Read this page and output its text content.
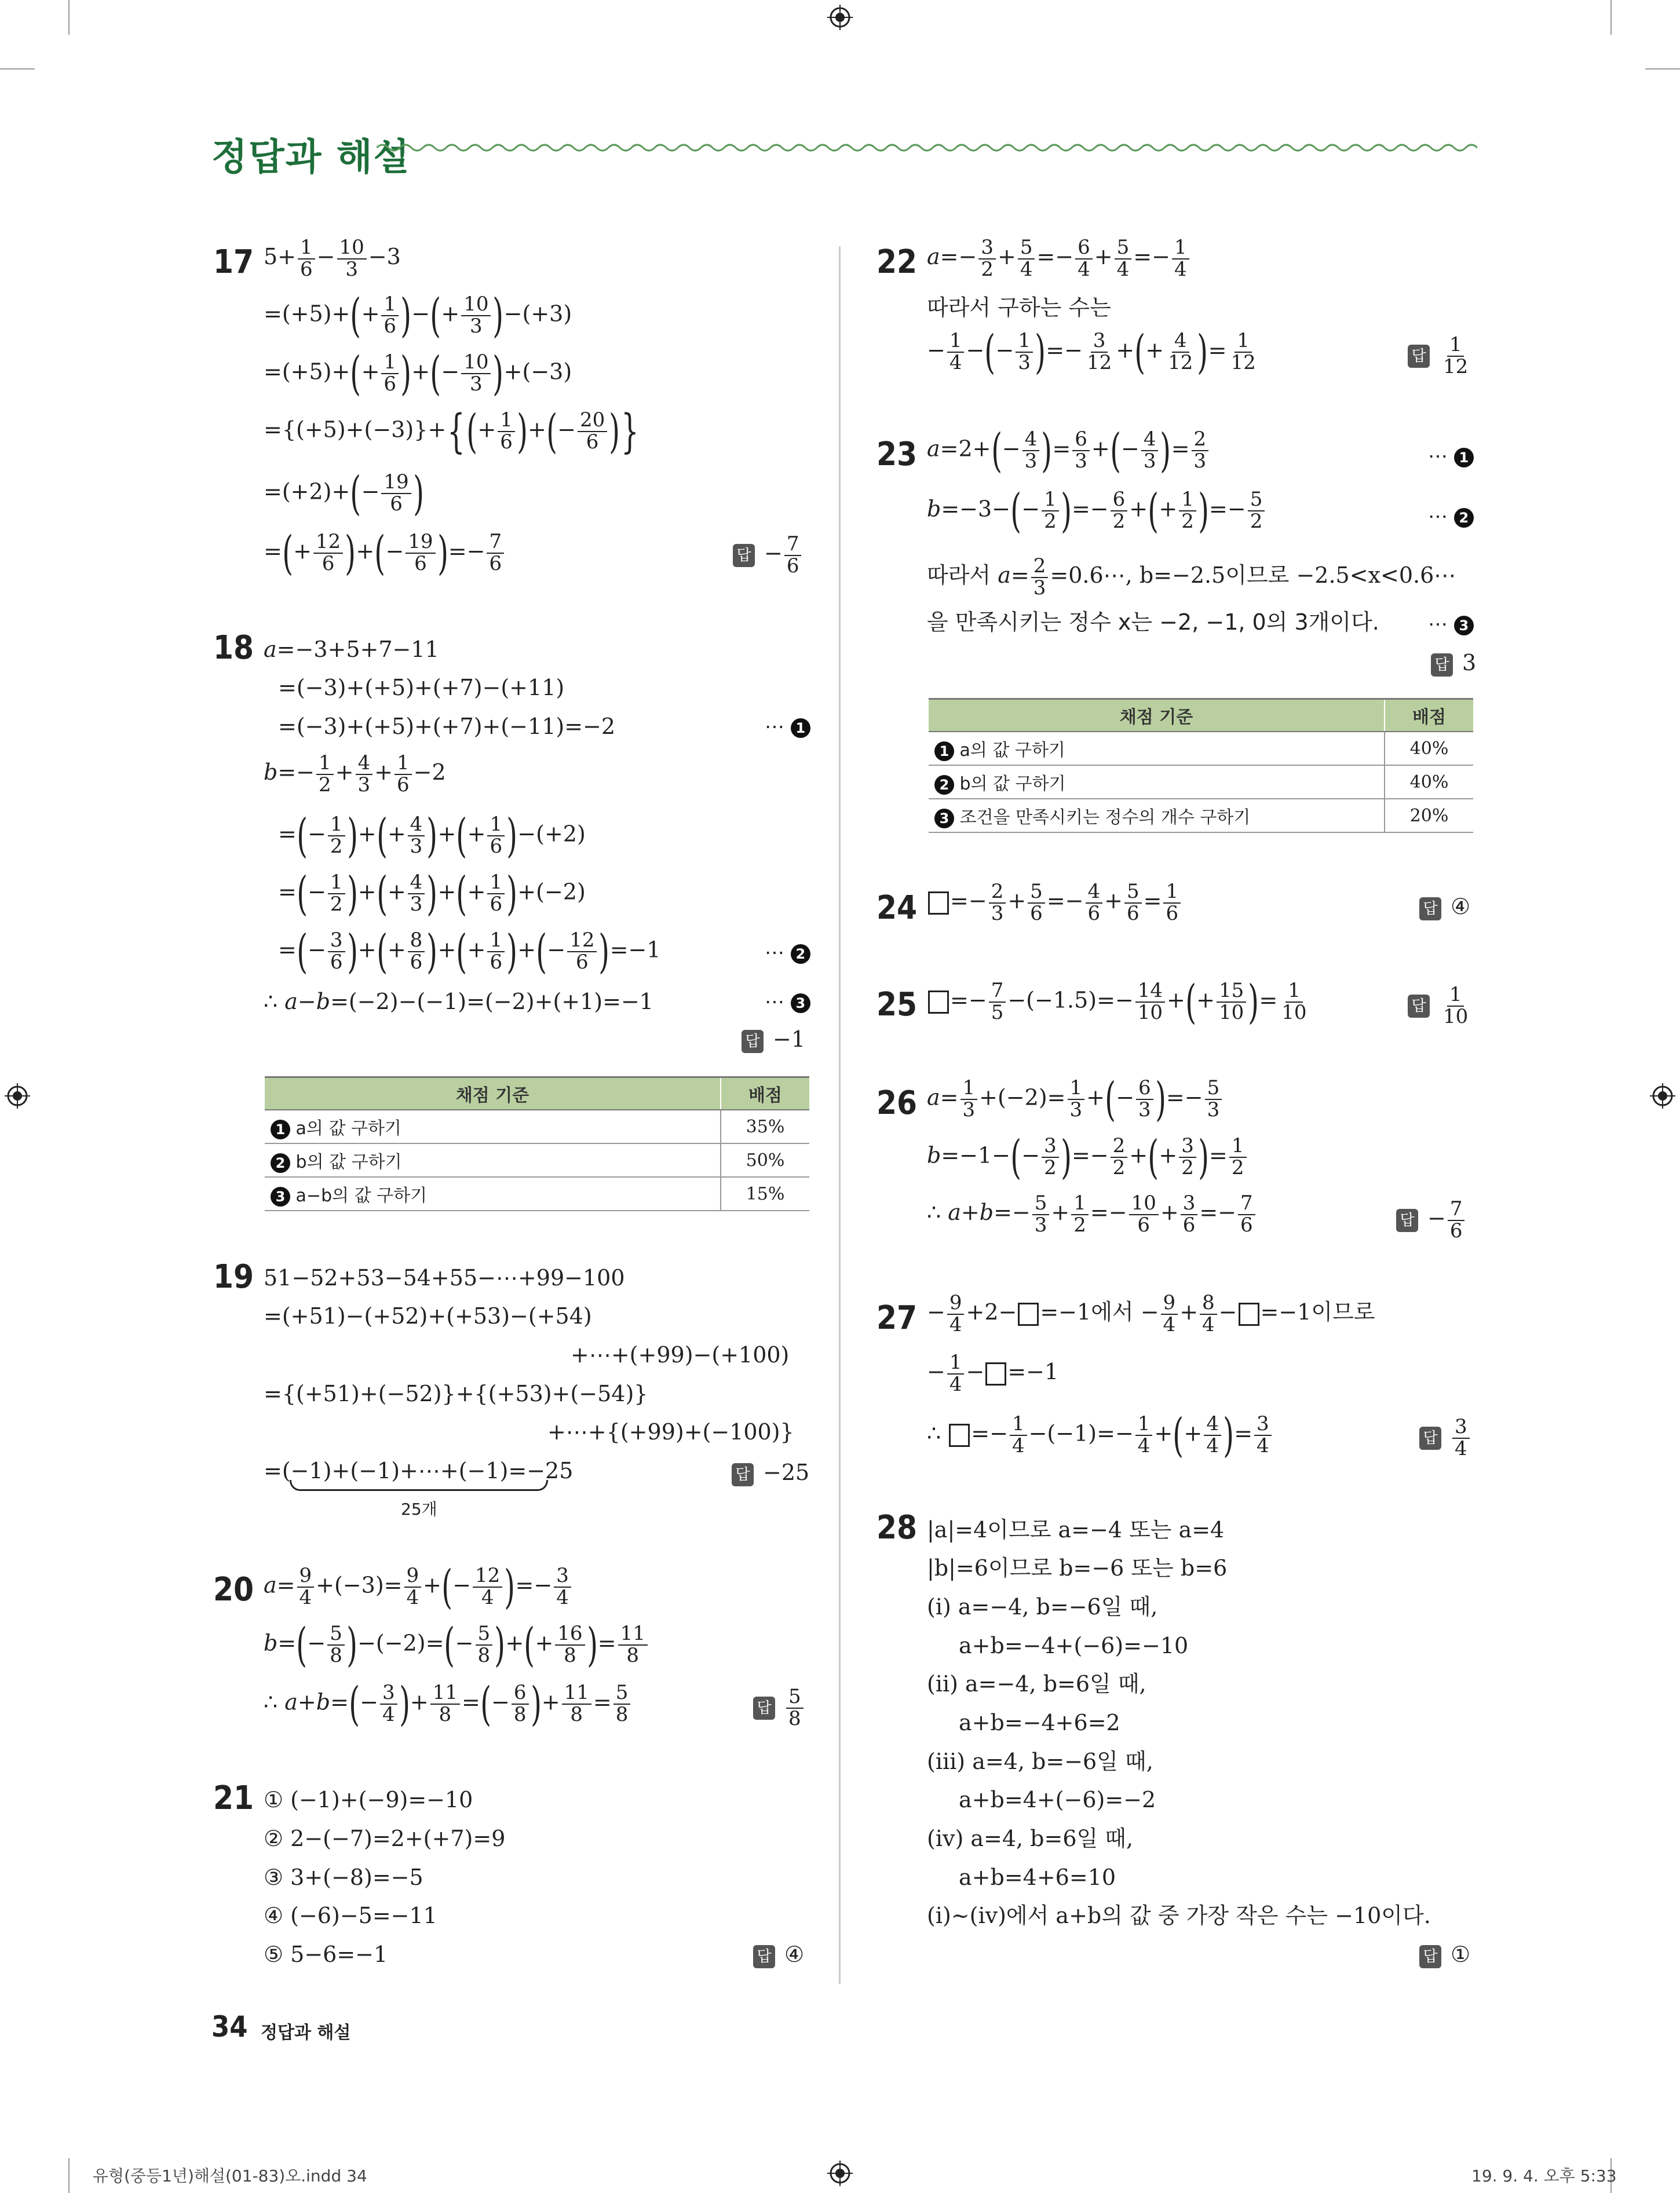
정답과 해설
17 $5+ \frac{1}{6} - \frac{10}{3} -3$
$=(+5)+(+ \frac{1}{6}$ )−(+ $\frac{10}{3} )-(+3)$
$=(+5)+(+ \frac{1}{6}$ )+(− $\frac{10}{3} )+(-3)$
$=\{(+5)+(-3)\}+\{(+ \frac{1}{6}$ )+(− $\frac{20}{6}$ )}
$=(+2)+(- \frac{19}{6}$ )
=(+ $\frac{12}{6}$ )+(− $\frac{19}{6}$ )=− $\frac{7}{6}$	답 − $\frac{7}{6}$
18 a=−3+5+7−11
=(−3)+(+5)+(+7)−(+11)
=(−3)+(+5)+(+7)+(−11)=−2	⋯ 1
$b=- \frac{1}{2} + \frac{4}{3} + \frac{1}{6} -2$
=(− $\frac{1}{2}$ )+(+ $\frac{4}{3}$ )+(+ $\frac{1}{6} )-(+2)$
=(− $\frac{1}{2}$ )+(+ $\frac{4}{3}$ )+(+ $\frac{1}{6} )+(-2)$
=(− $\frac{3}{6}$ )+(+ $\frac{8}{6}$ )+(+ $\frac{1}{6}$ )+(− $\frac{12}{6} )=-1$	⋯ 2
∴ a−b=(−2)−(−1)=(−2)+(+1)=−1	⋯ 3
답 −1
채점 기준	배점
1 a의 값 구하기	35%
2 b의 값 구하기	50%
3 a−b의 값 구하기	15%
19 51−52+53−54+55−⋯+99−100
=(+51)−(+52)+(+53)−(+54)
+⋯+(+99)−(+100)
={(+51)+(−52)}+{(+53)+(−54)}
+⋯+{(+99)+(−100)}
=(−1)+(−1)+⋯+(−1)=−25
25개
답 −25
20 $a= \frac{9}{4} +(-3)= \frac{9}{4}$ +(− $\frac{12}{4}$ )=− $\frac{3}{4}$
$b=(- \frac{5}{8} )-(-2)=(- \frac{5}{8}$ )+(+ $\frac{16}{8}$ )= $\frac{11}{8}$
∴ $a+b=(- \frac{3}{4}$ )+ $\frac{11}{8}$ =(− $\frac{6}{8}$ )+ $\frac{11}{8} = \frac{5}{8}$	답 $\frac{5}{8}$
21 ① (−1)+(−9)=−10
② 2−(−7)=2+(+7)=9
③ 3+(−8)=−5
④ (−6)−5=−11
⑤ 5−6=−1	답 ④
22 $a=- \frac{3}{2} + \frac{5}{4} =- \frac{6}{4} + \frac{5}{4} =- \frac{1}{4}$
따라서 구하는 수는
− $\frac{1}{4}$ −(− $\frac{1}{3}$ )=− $\frac{3}{12}$ +(+ $\frac{4}{12}$ )= $\frac{1}{12}$	답 $\frac{1}{12}$
23 $a=2+(- \frac{4}{3}$ )= $\frac{6}{3}$ +(− $\frac{4}{3}$ )= $\frac{2}{3}$	⋯ 1
$b=-3-(- \frac{1}{2}$ )=− $\frac{6}{2}$ +(+ $\frac{1}{2}$ )=− $\frac{5}{2}$	⋯ 2
따라서 $a= \frac{2}{3}$ =0.6⋯, b=−2.5이므로 −2.5<x<0.6⋯
을 만족시키는 정수 x는 −2, −1, 0의 3개이다. ⋯ 3
답 3
채점 기준	배점
1 a의 값 구하기	40%
2 b의 값 구하기	40%
3 조건을 만족시키는 정수의 개수 구하기	20%
24	=− $\frac{2}{3} + \frac{5}{6} =- \frac{4}{6} + \frac{5}{6} = \frac{1}{6}$	답 ④
25	=− $\frac{7}{5} -(-1.5)=- \frac{14}{10}$ +(+ $\frac{15}{10}$ )= $\frac{1}{10}$	답 $\frac{1}{10}$
26 $a= \frac{1}{3} +(-2)= \frac{1}{3}$ +(− $\frac{6}{3}$ )=− $\frac{5}{3}$
$b=-1-(- \frac{3}{2}$ )=− $\frac{2}{2}$ +(+ $\frac{3}{2}$ )= $\frac{1}{2}$
∴ $a+b=- \frac{5}{3} + \frac{1}{2} =- \frac{10}{6} + \frac{3}{6} =- \frac{7}{6}$	답 − $\frac{7}{6}$
$27 - \frac{9}{4} +2- =-1$에서 − $\frac{9}{4} + \frac{8}{4} - =-1$이므로
− $\frac{1}{4} - =-1$
∴ =− $\frac{1}{4} -(-1)=- \frac{1}{4}$ +(+ $\frac{4}{4}$ )= $\frac{3}{4}$	답 $\frac{3}{4}$
28 |a|=4이므로 a=−4 또는 a=4
|b|=6이므로 b=−6 또는 b=6
(ⅰ) a=−4, b=−6일 때,
a+b=−4+(−6)=−10
(ⅱ) a=−4, b=6일 때,
a+b=−4+6=2
(ⅲ) a=4, b=−6일 때,
a+b=4+(−6)=−2
(ⅳ) a=4, b=6일 때,
a+b=4+6=10
(ⅰ)~(ⅳ)에서 a+b의 값 중 가장 작은 수는 −10이다.
답 ①
34 정답과 해설
유형(중등1년)해설(01-83)오.indd 34	19. 9. 4. 오후 5:33
